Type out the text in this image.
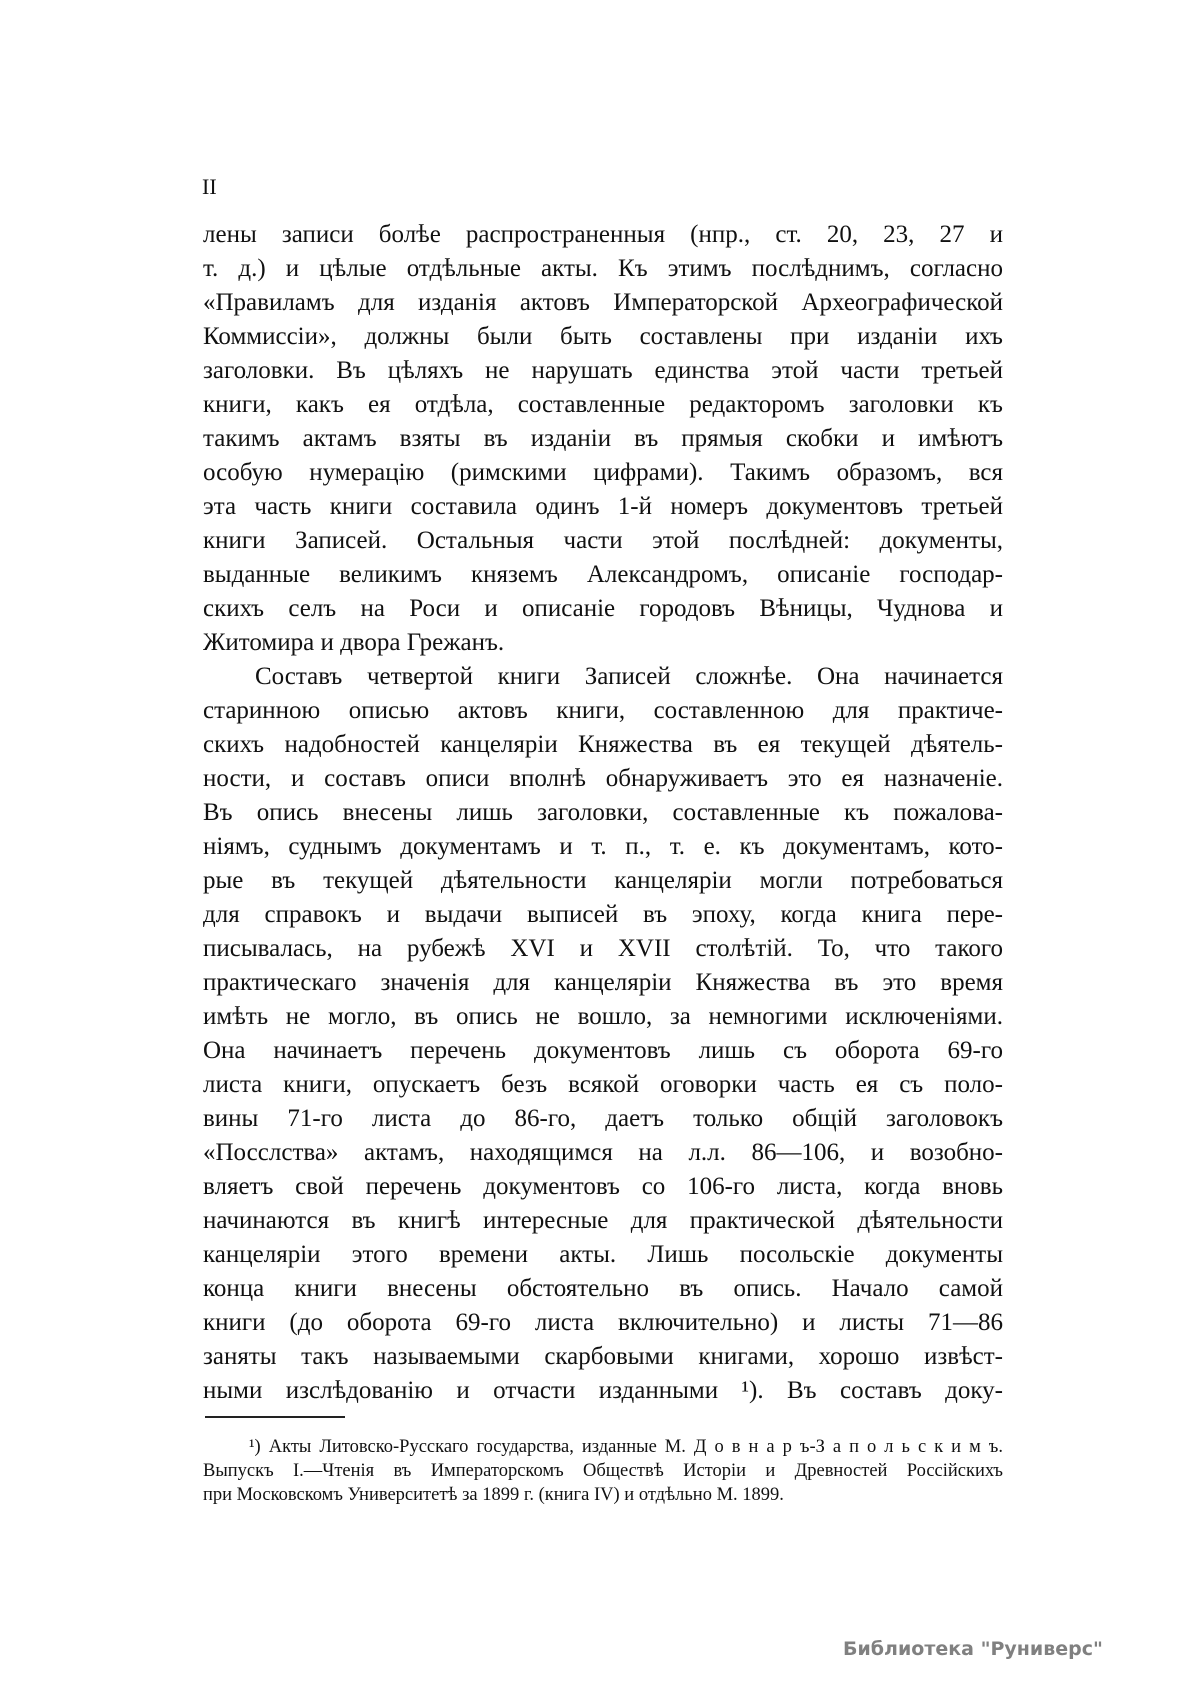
II
лены записи болѣе распространенныя (нпр., ст. 20, 23, 27 и
т. д.) и цѣлые отдѣльные акты. Къ этимъ послѣднимъ, согласно
«Правиламъ для изданiя актовъ Императорской Археографической
Коммиссiи», должны были быть составлены при изданiи ихъ
заголовки. Въ цѣляхъ не нарушать единства этой части третьей
книги, какъ ея отдѣла, составленные редакторомъ заголовки къ
такимъ актамъ взяты въ изданiи въ прямыя скобки и имѣютъ
особую нумерацiю (римскими цифрами). Такимъ образомъ, вся
эта часть книги составила одинъ 1-й номеръ документовъ третьей
книги Записей. Остальныя части этой послѣдней: документы,
выданные великимъ княземъ Александромъ, описанiе господар-
скихъ селъ на Роси и описанiе городовъ Вѣницы, Чуднова и
Житомира и двора Грежанъ.
Составъ четвертой книги Записей сложнѣе. Она начинается
старинною описью актовъ книги, составленною для практиче-
скихъ надобностей канцелярiи Княжества въ ея текущей дѣятель-
ности, и составъ описи вполнѣ обнаруживаетъ это ея назначенiе.
Въ опись внесены лишь заголовки, составленные къ пожалова-
нiямъ, суднымъ документамъ и т. п., т. е. къ документамъ, кото-
рые въ текущей дѣятельности канцелярiи могли потребоваться
для справокъ и выдачи выписей въ эпоху, когда книга пере-
писывалась, на рубежѣ XVI и XVII столѣтiй. То, что такого
практическаго значенiя для канцелярiи Княжества въ это время
имѣть не могло, въ опись не вошло, за немногими исключенiями.
Она начинаетъ перечень документовъ лишь съ оборота 69-го
листа книги, опускаетъ безъ всякой оговорки часть ея съ поло-
вины 71-го листа до 86-го, даетъ только общiй заголовокъ
«Посслства» актамъ, находящимся на л.л. 86—106, и возобно-
вляетъ свой перечень документовъ со 106-го листа, когда вновь
начинаются въ книгѣ интересные для практической дѣятельности
канцелярiи этого времени акты. Лишь посольскiе документы
конца книги внесены обстоятельно въ опись. Начало самой
книги (до оборота 69-го листа включительно) и листы 71—86
заняты такъ называемыми скарбовыми книгами, хорошо извѣст-
ными изслѣдованiю и отчасти изданными ¹). Въ составъ доку-
¹) Акты Литовско-Русскаго государства, изданные М. Д о в н а р ъ-З а п о л ь с к и м ъ.
Выпускъ I.—Чтенiя въ Императорскомъ Обществѣ Исторiи и Древностей Россiйскихъ
при Московскомъ Университетѣ за 1899 г. (книга IV) и отдѣльно М. 1899.
Библиотека "Руниверс"
